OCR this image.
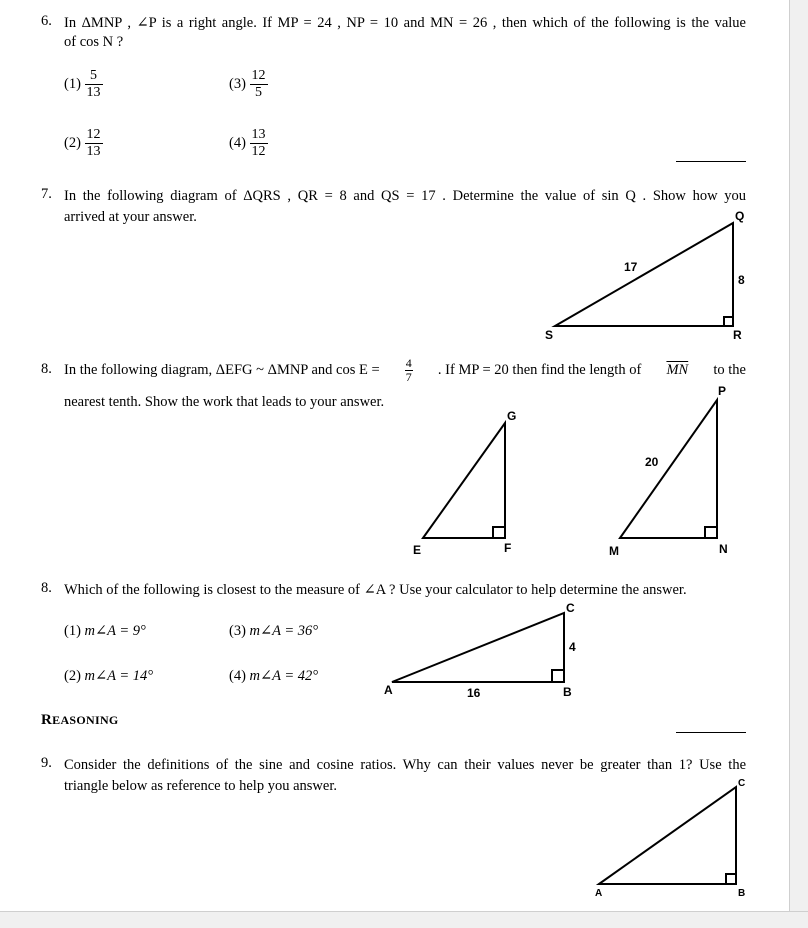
6. In ΔMNP , ∠P is a right angle. If MP = 24 , NP = 10 and MN = 26 , then which of the following is the value
of cos N ?
$(1) \frac{5}{13}$
$(2) \frac{12}{13}$
$(3) \frac{12}{5}$
$(4) \frac{13}{12}$
7. In the following diagram of ΔQRS , QR = 8 and QS = 17 . Determine the value of sin Q . Show how you
arrived at your answer.	Q
R
S
17
8
8. In the following diagram, ΔEFG ~ ΔMNP and $\cos E = \frac{4}{7}$ . If MP = 20 then find the length of $\overline{MN}$ to the
nearest tenth. Show the work that leads to your answer.
G
E	F
P
M	N
20
8. Which of the following is closest to the measure of ∠A ? Use your calculator to help determine the answer.
(1) m∠A = 9°
(2) m∠A = 14°
(3) m∠A = 36°
(4) m∠A = 42°
C
A	B
16
4
REASONING
9. Consider the definitions of the sine and cosine ratios. Why can their values never be greater than 1? Use the
triangle below as reference to help you answer.	C
A	B
